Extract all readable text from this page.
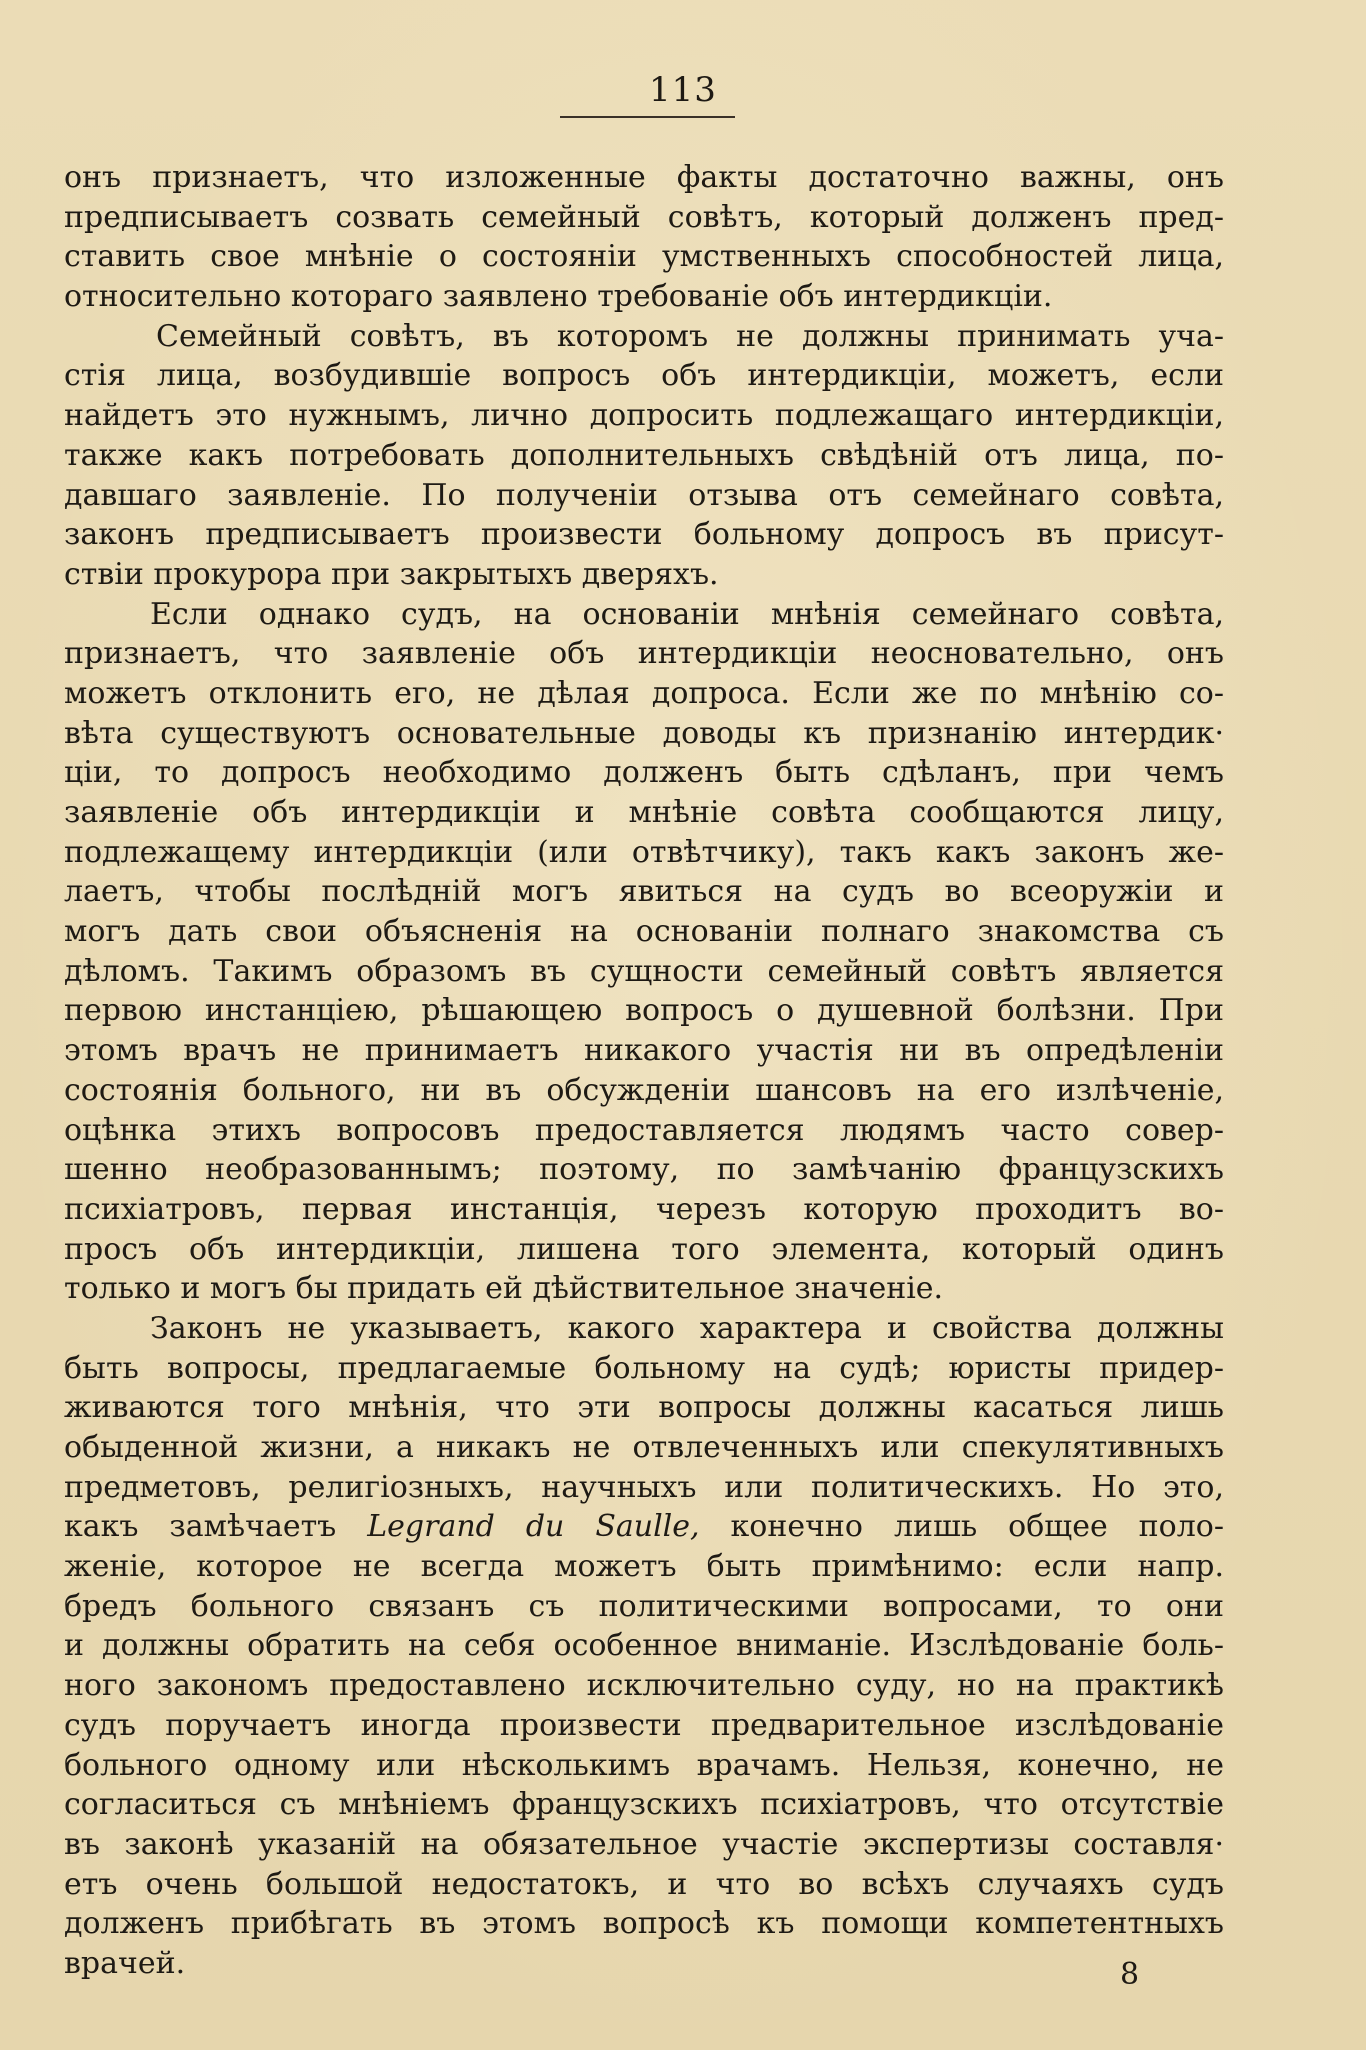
113
онъ признаетъ, что изложенные факты достаточно важны, онъ
предписываетъ созвать семейный совѣтъ, который долженъ пред-
ставить свое мнѣніе о состояніи умственныхъ способностей лица,
относительно котораго заявлено требованіе объ интердикціи.
Семейный совѣтъ, въ которомъ не должны принимать уча-
стія лица, возбудившіе вопросъ объ интердикціи, можетъ, если
найдетъ это нужнымъ, лично допросить подлежащаго интердикціи,
также какъ потребовать дополнительныхъ свѣдѣній отъ лица, по-
давшаго заявленіе. По полученіи отзыва отъ семейнаго совѣта,
законъ предписываетъ произвести больному допросъ въ присут-
ствіи прокурора при закрытыхъ дверяхъ.
Если однако судъ, на основаніи мнѣнія семейнаго совѣта,
признаетъ, что заявленіе объ интердикціи неосновательно, онъ
можетъ отклонить его, не дѣлая допроса. Если же по мнѣнію со-
вѣта существуютъ основательные доводы къ признанію интердик·
ціи, то допросъ необходимо долженъ быть сдѣланъ, при чемъ
заявленіе объ интердикціи и мнѣніе совѣта сообщаются лицу,
подлежащему интердикціи (или отвѣтчику), такъ какъ законъ же-
лаетъ, чтобы послѣдній могъ явиться на судъ во всеоружіи и
могъ дать свои объясненія на основаніи полнаго знакомства съ
дѣломъ. Такимъ образомъ въ сущности семейный совѣтъ является
первою инстанціею, рѣшающею вопросъ о душевной болѣзни. При
этомъ врачъ не принимаетъ никакого участія ни въ опредѣленіи
состоянія больного, ни въ обсужденіи шансовъ на его излѣченіе,
оцѣнка этихъ вопросовъ предоставляется людямъ часто совер-
шенно необразованнымъ; поэтому, по замѣчанію французскихъ
психіатровъ, первая инстанція, черезъ которую проходитъ во-
просъ объ интердикціи, лишена того элемента, который одинъ
только и могъ бы придать ей дѣйствительное значеніе.
Законъ не указываетъ, какого характера и свойства должны
быть вопросы, предлагаемые больному на судѣ; юристы придер-
живаются того мнѣнія, что эти вопросы должны касаться лишь
обыденной жизни, а никакъ не отвлеченныхъ или спекулятивныхъ
предметовъ, религіозныхъ, научныхъ или политическихъ. Но это,
какъ замѣчаетъ Legrand du Saulle, конечно лишь общее поло-
женіе, которое не всегда можетъ быть примѣнимо: если напр.
бредъ больного связанъ съ политическими вопросами, то они
и должны обратить на себя особенное вниманіе. Изслѣдованіе боль-
ного закономъ предоставлено исключительно суду, но на практикѣ
судъ поручаетъ иногда произвести предварительное изслѣдованіе
больного одному или нѣсколькимъ врачамъ. Нельзя, конечно, не
согласиться съ мнѣніемъ французскихъ психіатровъ, что отсутствіе
въ законѣ указаній на обязательное участіе экспертизы составля·
етъ очень большой недостатокъ, и что во всѣхъ случаяхъ судъ
долженъ прибѣгать въ этомъ вопросѣ къ помощи компетентныхъ
врачей.	8
